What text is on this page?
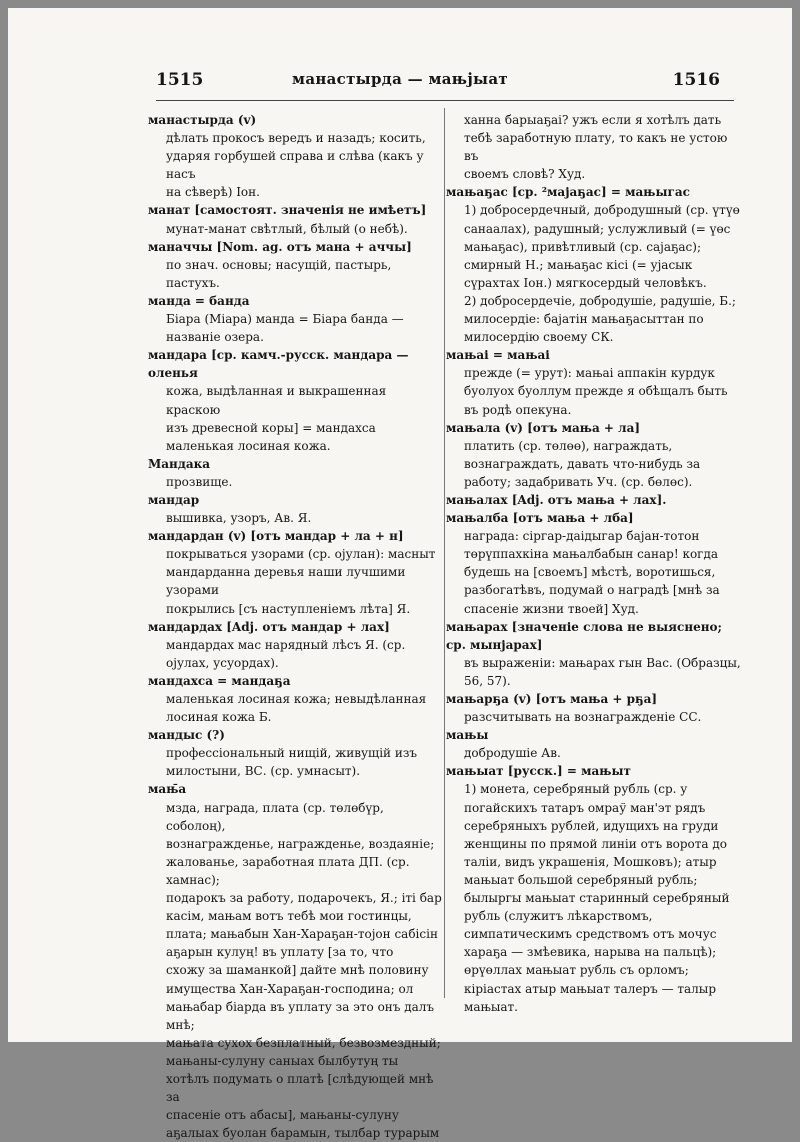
1515	манастырда — мањјыат	1516

манастырда (v)

дѣлать прокосъ вередъ и назадъ; косить,

ударяя горбушей справа и слѣва (какъ у насъ

на сѣверѣ) Іон.

манат [самостоят. значенія не имѣетъ]

мунат-манат свѣтлый, бѣлый (о небѣ).

маначчы [Nom. ag. отъ мана + аччы]

по знач. основы; насущій, пастырь, пастухъ.

манда = банда

Біара (Міара) манда = Біара банда —

названіе озера.

мандара [ср. камч.-русск. мандара — оленья

кожа, выдѣланная и выкрашенная краскою

изъ древесной коры] = мандахса

маленькая лосиная кожа.

Мандака

прозвище.

мандар

вышивка, узоръ, Ав. Я.

мандардан (v) [отъ мандар + ла + н]

покрываться узорами (ср. ојулан): масныт

мандарданна деревья наши лучшими узорами

покрылись [съ наступленіемъ лѣта] Я.

мандардах [Adj. отъ мандар + лах]

мандардах мас нарядный лѣсъ Я. (ср. ојулах, усуордах).

мандахса = мандаҕа

маленькая лосиная кожа; невыдѣланная лосиная кожа Б.

мандыс (?)

профессіональный нищій, живущій изъ милостыни, ВС. (ср. умнасыт).

мањ̄а

мзда, награда, плата (ср. төлөбүр, соболоң),

вознагражденье, награжденье, воздаяніе; жалованье, заработная плата ДП. (ср. хамнас);

подарокъ за работу, подарочекъ, Я.; іті бар

касім, мањам вотъ тебѣ мои гостинцы,

плата; мањабын Хан-Хараҕан-тојон сабісін аҕарын кулуң! въ уплату [за то, что

схожу за шаманкой] дайте мнѣ половину имущества Хан-Хараҕан-господина; ол мањабар біарда въ уплату за это онъ далъ мнѣ;

мањата сухох безплатный, безвозмездный;

мањаны-сулуну саныах былбутуң ты

хотѣлъ подумать о платѣ [слѣдующей мнѣ за

спасеніе отъ абасы], мањаны-сулуну аҕалыах буолан барамын, тылбар турарым

ханна барыаҕаі? ужъ если я хотѣлъ дать

тебѣ заработную плату, то какъ не устою въ

своемъ словѣ? Худ.

мањаҕас [ср. ²мајаҕас] = мањыгас

1) добросердечный, добродушный (ср. үтүө

санаалах), радушный; услужливый (= үөс

мањаҕас), привѣтливый (ср. сајаҕас); смирный Н.; мањаҕас кісі (= ујасык сүрахтах Іон.) мягкосердый человѣкъ.

2) добросердечіе, добродушіе, радушіе, Б.; милосердіе: бајатін мањаҕасыттан по милосердію своему СК.

мањаі = мањаі

прежде (= урут): мањаі аппакін курдук

буолуох буоллум прежде я обѣщалъ быть

въ родѣ опекуна.

мањала (v) [отъ мања + ла]

платить (ср. төлөө), награждать, вознаграждать, давать что-нибудь за работу; задабривать Уч. (ср. бөлөс).

мањалах [Adj. отъ мања + лах].

мањалба [отъ мања + лба]

награда: сіргар-даідыгар бајан-тотон төрүппахкіна мањалбабын санар! когда будешь на [своемъ] мѣстѣ, воротишься, разбогатѣвъ, подумай о наградѣ [мнѣ за спасеніе жизни твоей] Худ.

мањарах [значеніе слова не выяснено; ср. мынјарах]

въ выраженіи: мањарах гын Вас. (Образцы,

56, 57).

мањарҕа (v) [отъ мања + рҕа]

разсчитывать на вознагражденіе СС.

мањы

добродушіе Ав.

мањыат [русск.] = мањыт

1) монета, серебряный рубль (ср. у погайскихъ татаръ омраў ман'эт рядъ серебряныхъ рублей, идущихъ на груди женщины по прямой линіи отъ ворота до таліи, видъ украшенія, Мошковъ); атыр мањыат большой серебряный рубль; былыргы мањыат старинный серебряный рубль (служитъ лѣкарствомъ, симпатическимъ средствомъ отъ мочус хараҕа — змѣевика, нарыва на пальцѣ); өрүөллах мањыат рубль съ орломъ;

кіріастах атыр мањыат талеръ — талыр

мањыат.
